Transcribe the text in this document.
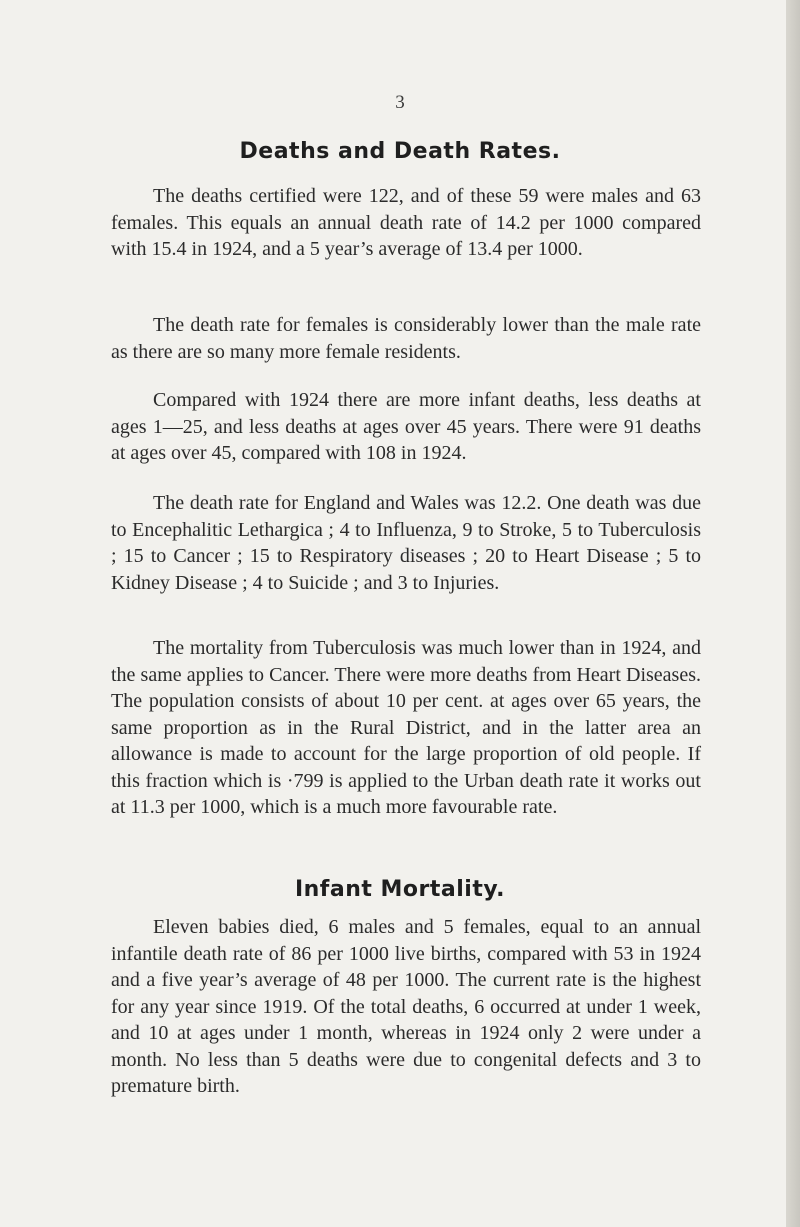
3
Deaths and Death Rates.

The deaths certified were 122, and of these 59 were males and 63 females. This equals an annual death rate of 14.2 per 1000 compared with 15.4 in 1924, and a 5 year’s average of 13.4 per 1000.

The death rate for females is considerably lower than the male rate as there are so many more female residents.

Compared with 1924 there are more infant deaths, less deaths at ages 1—25, and less deaths at ages over 45 years. There were 91 deaths at ages over 45, compared with 108 in 1924.

The death rate for England and Wales was 12.2. One death was due to Encephalitic Lethargica ; 4 to Influenza, 9 to Stroke, 5 to Tuberculosis ; 15 to Cancer ; 15 to Respiratory diseases ; 20 to Heart Disease ; 5 to Kidney Disease ; 4 to Suicide ; and 3 to Injuries.

The mortality from Tuberculosis was much lower than in 1924, and the same applies to Cancer. There were more deaths from Heart Diseases. The population consists of about 10 per cent. at ages over 65 years, the same proportion as in the Rural District, and in the latter area an allowance is made to account for the large proportion of old people. If this fraction which is ·799 is applied to the Urban death rate it works out at 11.3 per 1000, which is a much more favourable rate.

Infant Mortality.

Eleven babies died, 6 males and 5 females, equal to an annual infantile death rate of 86 per 1000 live births, compared with 53 in 1924 and a five year’s average of 48 per 1000. The current rate is the highest for any year since 1919. Of the total deaths, 6 occurred at under 1 week, and 10 at ages under 1 month, whereas in 1924 only 2 were under a month. No less than 5 deaths were due to congenital defects and 3 to premature birth.
